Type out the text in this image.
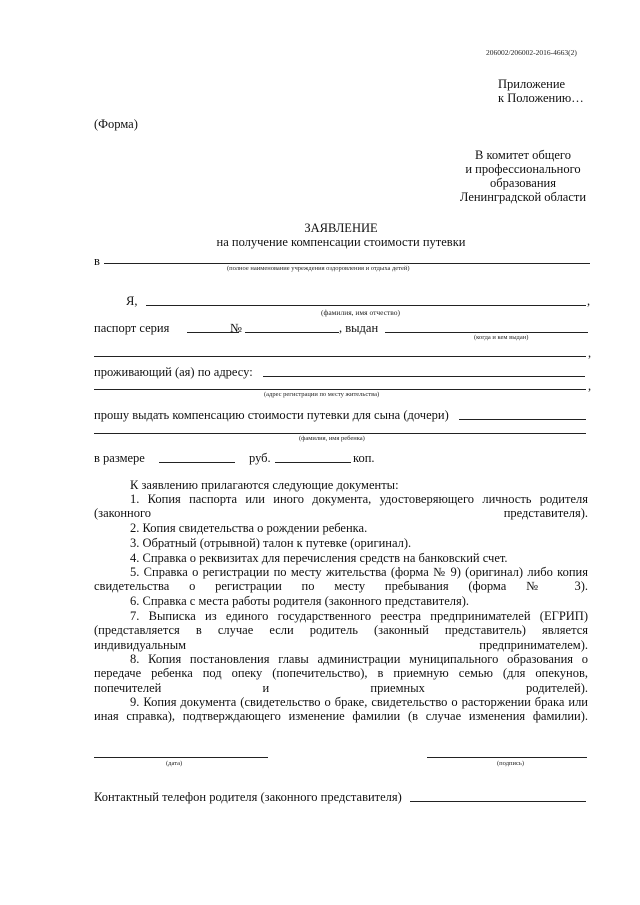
206002/206002-2016-4663(2)
Приложение
к Положению…
(Форма)
В комитет общего
и профессионального
образования
Ленинградской области
ЗАЯВЛЕНИЕ
на получение компенсации стоимости путевки
в
(полное наименование учреждения оздоровления и отдыха детей)
Я,	,
(фамилия, имя отчество)
паспорт серия	№	, выдан
(когда и кем выдан)
,
проживающий (ая) по адресу:
,
(адрес регистрации по месту жительства)
прошу выдать компенсацию стоимости путевки для сына (дочери)
(фамилия, имя ребенка)
в размере	руб.	коп.
К заявлению прилагаются следующие документы:
1. Копия паспорта или иного документа, удостоверяющего личность родителя (законного представителя).
2. Копия свидетельства о рождении ребенка.
3. Обратный (отрывной) талон к путевке (оригинал).
4. Справка о реквизитах для перечисления средств на банковский счет.
5. Справка о регистрации по месту жительства (форма № 9) (оригинал) либо копия свидетельства о регистрации по месту пребывания (форма № 3).
6. Справка с места работы родителя (законного представителя).
7. Выписка из единого государственного реестра предпринимателей (ЕГРИП) (представляется в случае если родитель (законный представитель) является индивидуальным предпринимателем).
8. Копия постановления главы администрации муниципального образования о передаче ребенка под опеку (попечительство), в приемную семью (для опекунов, попечителей и приемных родителей).
9. Копия документа (свидетельство о браке, свидетельство о расторжении брака или иная справка), подтверждающего изменение фамилии (в случае изменения фамилии).
(дата)	(подпись)
Контактный телефон родителя (законного представителя)
